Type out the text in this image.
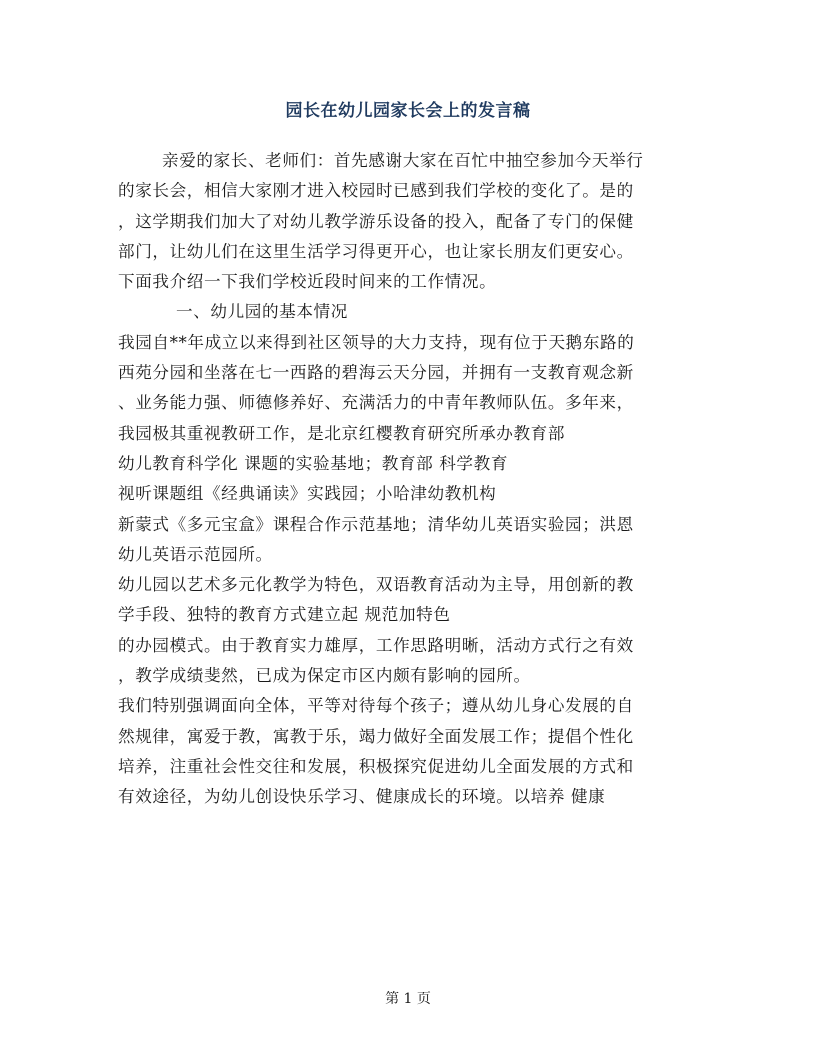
园长在幼儿园家长会上的发言稿
亲爱的家长、老师们：首先感谢大家在百忙中抽空参加今天举行
的家长会，相信大家刚才进入校园时已感到我们学校的变化了。是的
，这学期我们加大了对幼儿教学游乐设备的投入，配备了专门的保健
部门，让幼儿们在这里生活学习得更开心，也让家长朋友们更安心。
下面我介绍一下我们学校近段时间来的工作情况。
一、幼儿园的基本情况
我园自**年成立以来得到社区领导的大力支持，现有位于天鹅东路的
西苑分园和坐落在七一西路的碧海云天分园，并拥有一支教育观念新
、业务能力强、师德修养好、充满活力的中青年教师队伍。多年来，
我园极其重视教研工作，是北京红樱教育研究所承办教育部
幼儿教育科学化 课题的实验基地；教育部 科学教育
视听课题组《经典诵读》实践园；小哈津幼教机构
新蒙式《多元宝盒》课程合作示范基地；清华幼儿英语实验园；洪恩
幼儿英语示范园所。
幼儿园以艺术多元化教学为特色，双语教育活动为主导，用创新的教
学手段、独特的教育方式建立起 规范加特色
的办园模式。由于教育实力雄厚，工作思路明晰，活动方式行之有效
，教学成绩斐然，已成为保定市区内颇有影响的园所。
我们特别强调面向全体，平等对待每个孩子；遵从幼儿身心发展的自
然规律，寓爱于教，寓教于乐，竭力做好全面发展工作；提倡个性化
培养，注重社会性交往和发展，积极探究促进幼儿全面发展的方式和
有效途径，为幼儿创设快乐学习、健康成长的环境。以培养 健康
第 1 页
